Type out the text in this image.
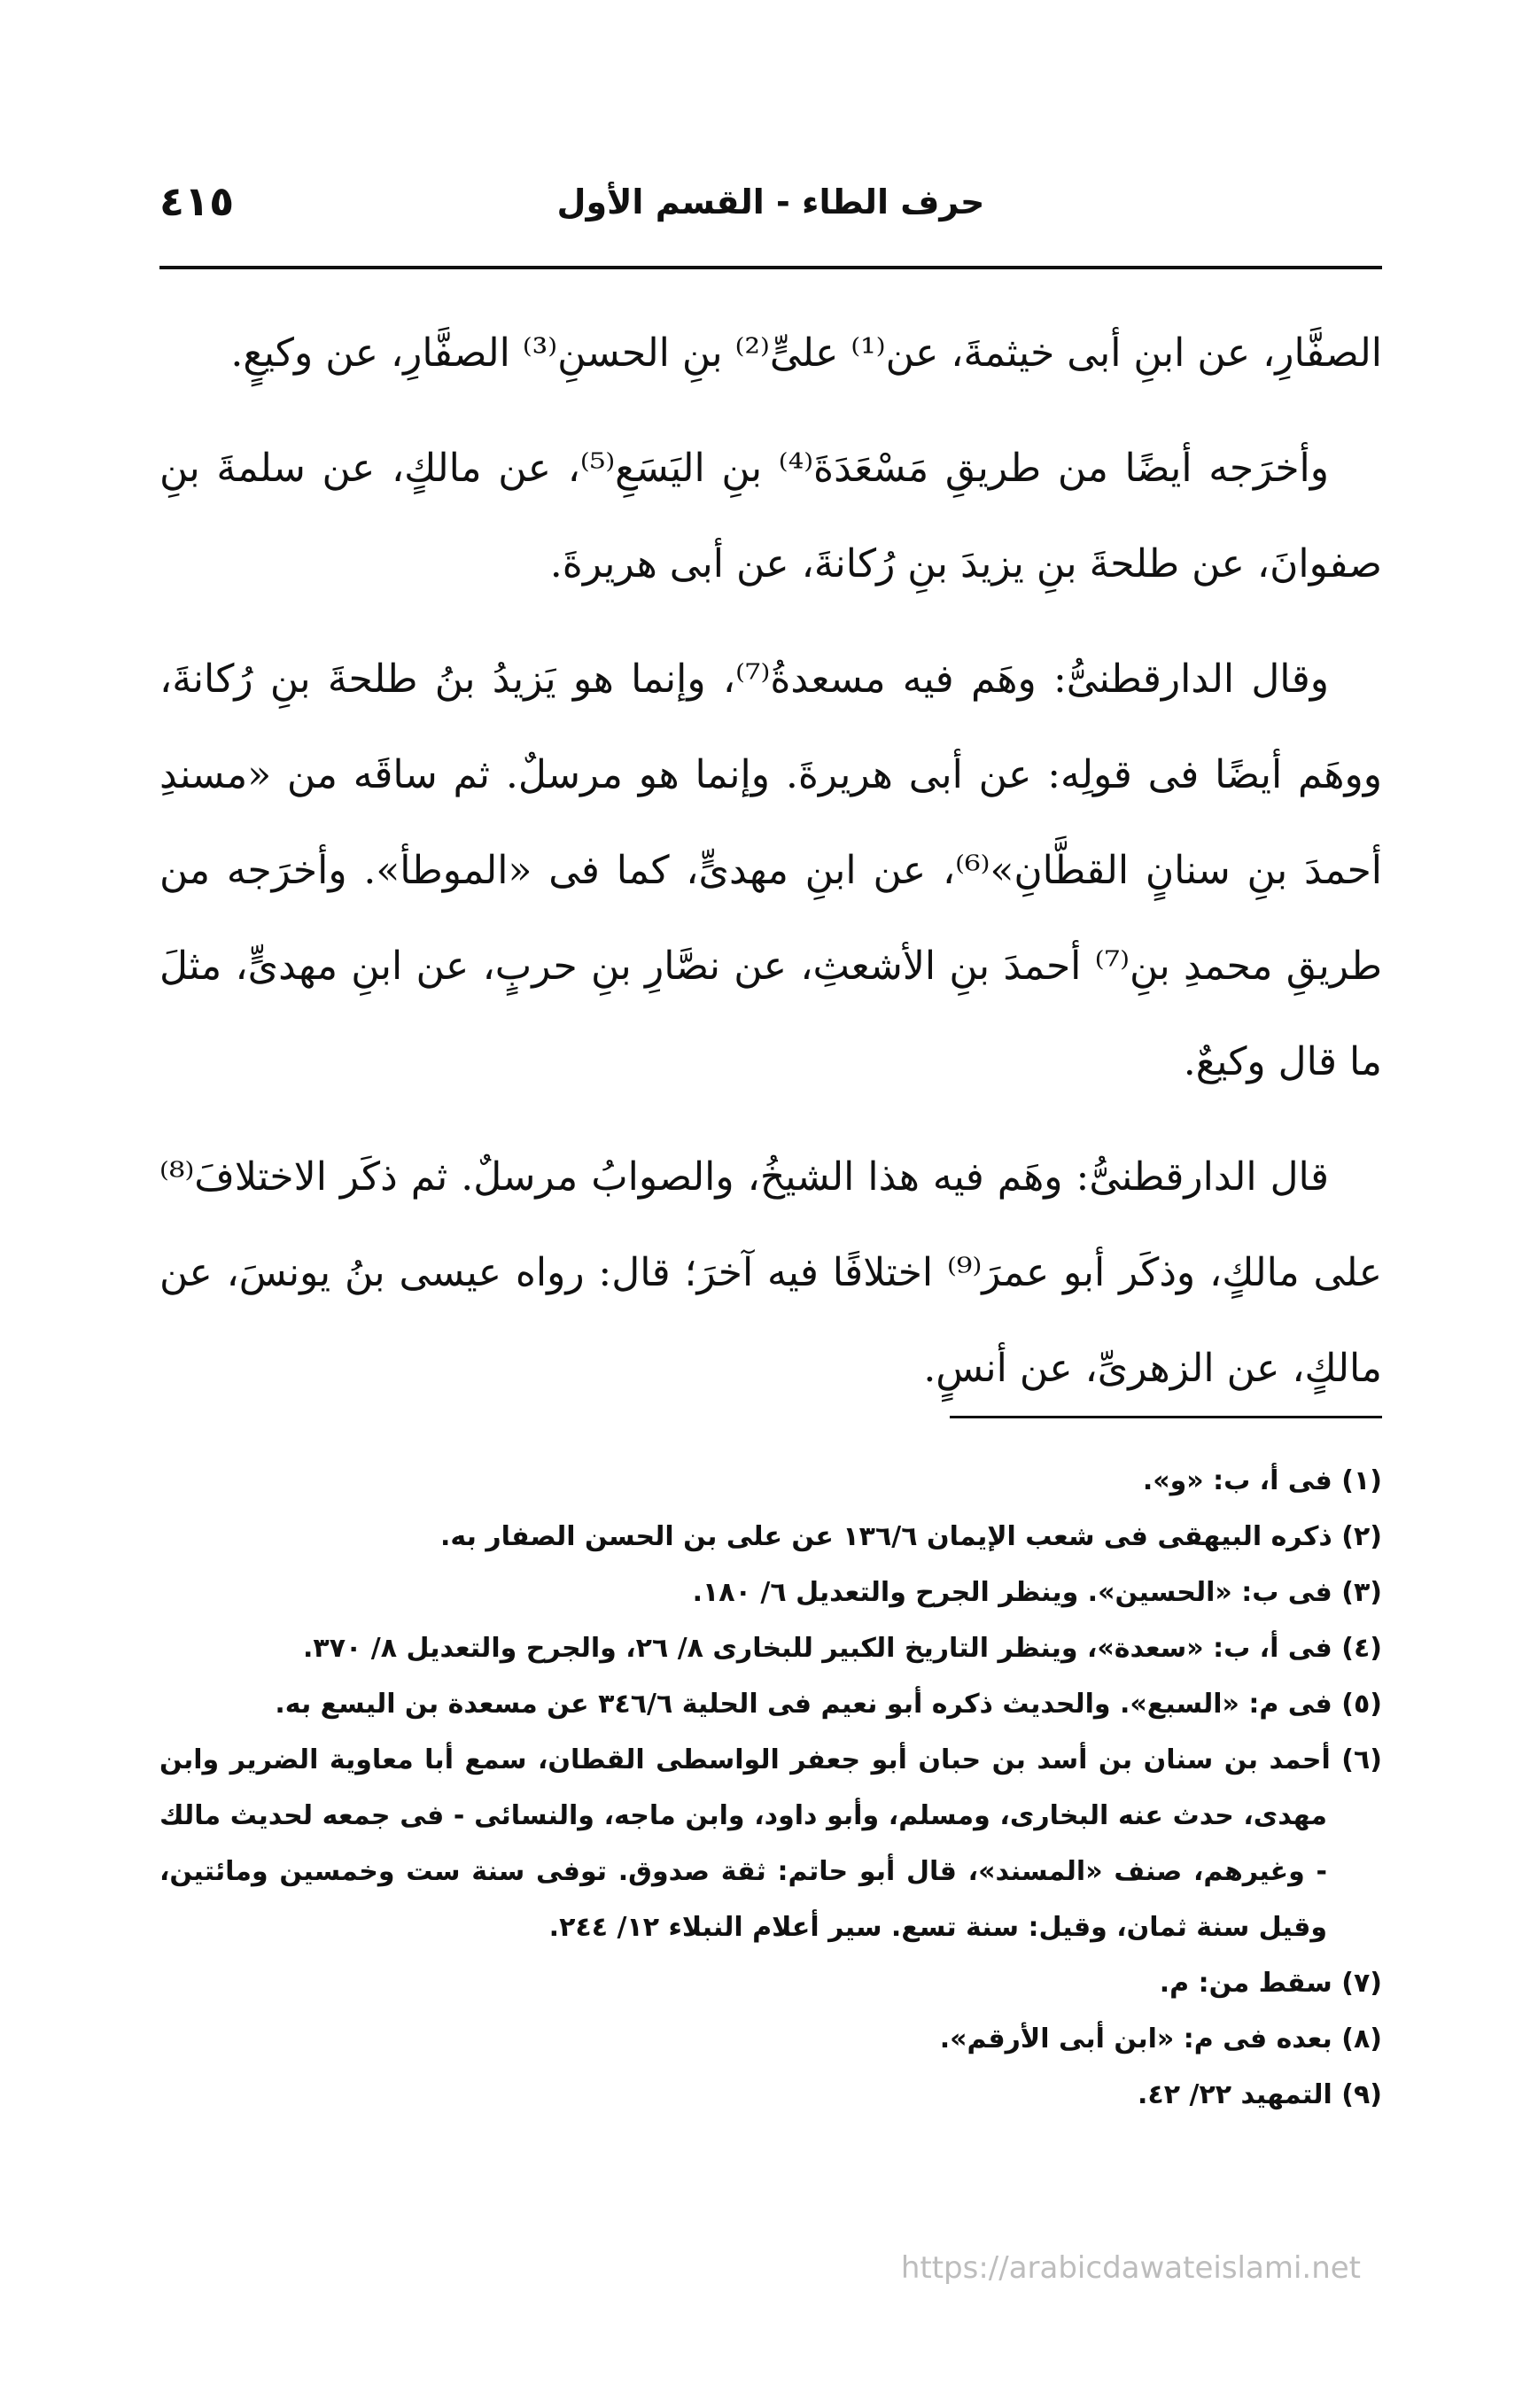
حرف الطاء - القسم الأول
٤١٥

الصفَّارِ، عن ابنِ أبى خيثمةَ، عن⁽¹⁾ علىٍّ⁽²⁾ بنِ الحسنِ⁽³⁾ الصفَّارِ، عن وكيعٍ.

وأخرَجه أيضًا من طريقِ مَسْعَدَةَ⁽⁴⁾ بنِ اليَسَعِ⁽⁵⁾، عن مالكٍ، عن سلمةَ بنِ صفوانَ، عن طلحةَ بنِ يزيدَ بنِ رُكانةَ، عن أبى هريرةَ.

وقال الدارقطنىُّ: وهَم فيه مسعدةُ⁽⁷⁾، وإنما هو يَزيدُ بنُ طلحةَ بنِ رُكانةَ، ووهَم أيضًا فى قولِه: عن أبى هريرةَ. وإنما هو مرسلٌ. ثم ساقَه من «مسندِ أحمدَ بنِ سنانٍ القطَّانِ»⁽⁶⁾، عن ابنِ مهدىٍّ، كما فى «الموطأ». وأخرَجه من طريقِ محمدِ بنِ⁽⁷⁾ أحمدَ بنِ الأشعثِ، عن نصَّارِ بنِ حربٍ، عن ابنِ مهدىٍّ، مثلَ ما قال وكيعٌ.

قال الدارقطنىُّ: وهَم فيه هذا الشيخُ، والصوابُ مرسلٌ. ثم ذكَر الاختلافَ⁽⁸⁾ على مالكٍ، وذكَر أبو عمرَ⁽⁹⁾ اختلافًا فيه آخرَ؛ قال: رواه عيسى بنُ يونسَ، عن مالكٍ، عن الزهرىِّ، عن أنسٍ.

(١) فى أ، ب: «و».

(٢) ذكره البيهقى فى شعب الإيمان ١٣٦/٦ عن على بن الحسن الصفار به.

(٣) فى ب: «الحسين». وينظر الجرح والتعديل ٦/ ١٨٠.

(٤) فى أ، ب: «سعدة»، وينظر التاريخ الكبير للبخارى ٨/ ٢٦، والجرح والتعديل ٨/ ٣٧٠.

(٥) فى م: «السبع». والحديث ذكره أبو نعيم فى الحلية ٣٤٦/٦ عن مسعدة بن اليسع به.

(٦) أحمد بن سنان بن أسد بن حبان أبو جعفر الواسطى القطان، سمع أبا معاوية الضرير وابن مهدى، حدث عنه البخارى، ومسلم، وأبو داود، وابن ماجه، والنسائى - فى جمعه لحديث مالك - وغيرهم، صنف «المسند»، قال أبو حاتم: ثقة صدوق. توفى سنة ست وخمسين ومائتين، وقيل سنة ثمان، وقيل: سنة تسع. سير أعلام النبلاء ١٢/ ٢٤٤.

(٧) سقط من: م.

(٨) بعده فى م: «ابن أبى الأرقم».

(٩) التمهيد ٢٢/ ٤٢.

https://arabicdawateislami.net
